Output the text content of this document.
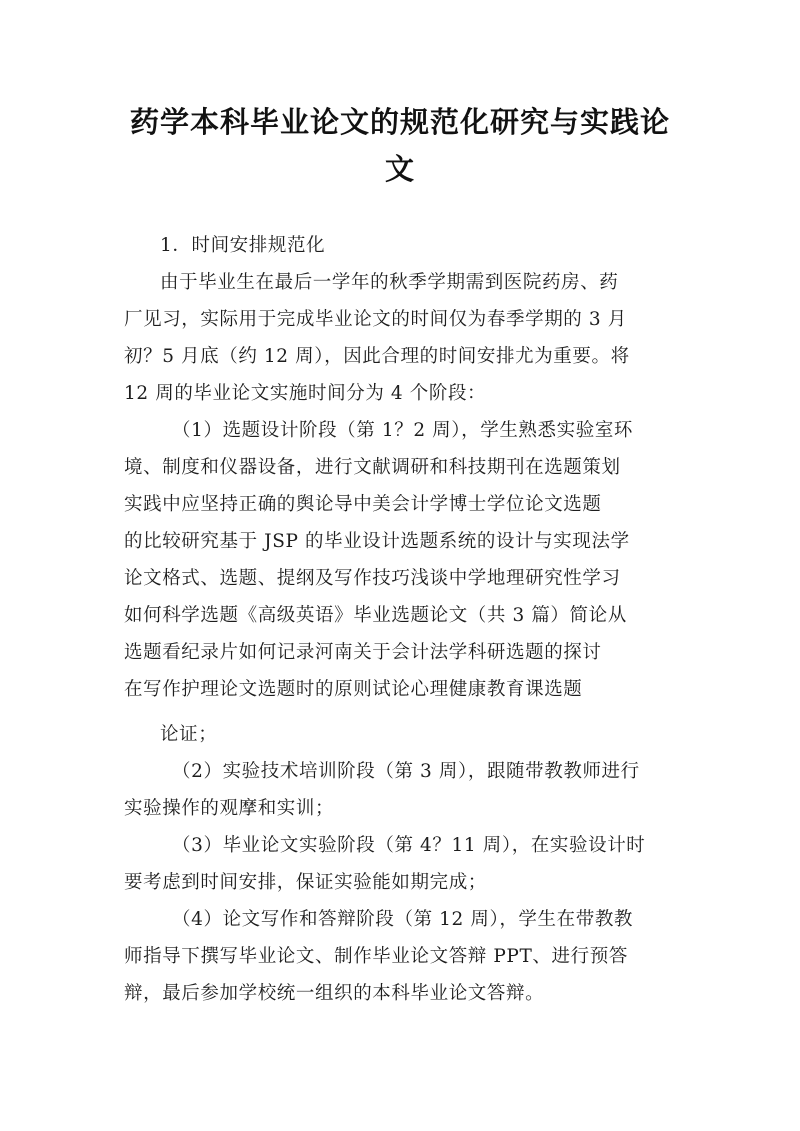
药学本科毕业论文的规范化研究与实践论
文
1．时间安排规范化
由于毕业生在最后一学年的秋季学期需到医院药房、药
厂见习，实际用于完成毕业论文的时间仅为春季学期的 3 月
初？5 月底（约 12 周），因此合理的时间安排尤为重要。将
12 周的毕业论文实施时间分为 4 个阶段：
（1）选题设计阶段（第 1？2 周），学生熟悉实验室环
境、制度和仪器设备，进行文献调研和科技期刊在选题策划
实践中应坚持正确的舆论导中美会计学博士学位论文选题
的比较研究基于 JSP 的毕业设计选题系统的设计与实现法学
论文格式、选题、提纲及写作技巧浅谈中学地理研究性学习
如何科学选题《高级英语》毕业选题论文（共 3 篇）简论从
选题看纪录片如何记录河南关于会计法学科研选题的探讨
在写作护理论文选题时的原则试论心理健康教育课选题
论证；
（2）实验技术培训阶段（第 3 周），跟随带教教师进行
实验操作的观摩和实训；
（3）毕业论文实验阶段（第 4？11 周），在实验设计时
要考虑到时间安排，保证实验能如期完成；
（4）论文写作和答辩阶段（第 12 周），学生在带教教
师指导下撰写毕业论文、制作毕业论文答辩 PPT、进行预答
辩，最后参加学校统一组织的本科毕业论文答辩。
